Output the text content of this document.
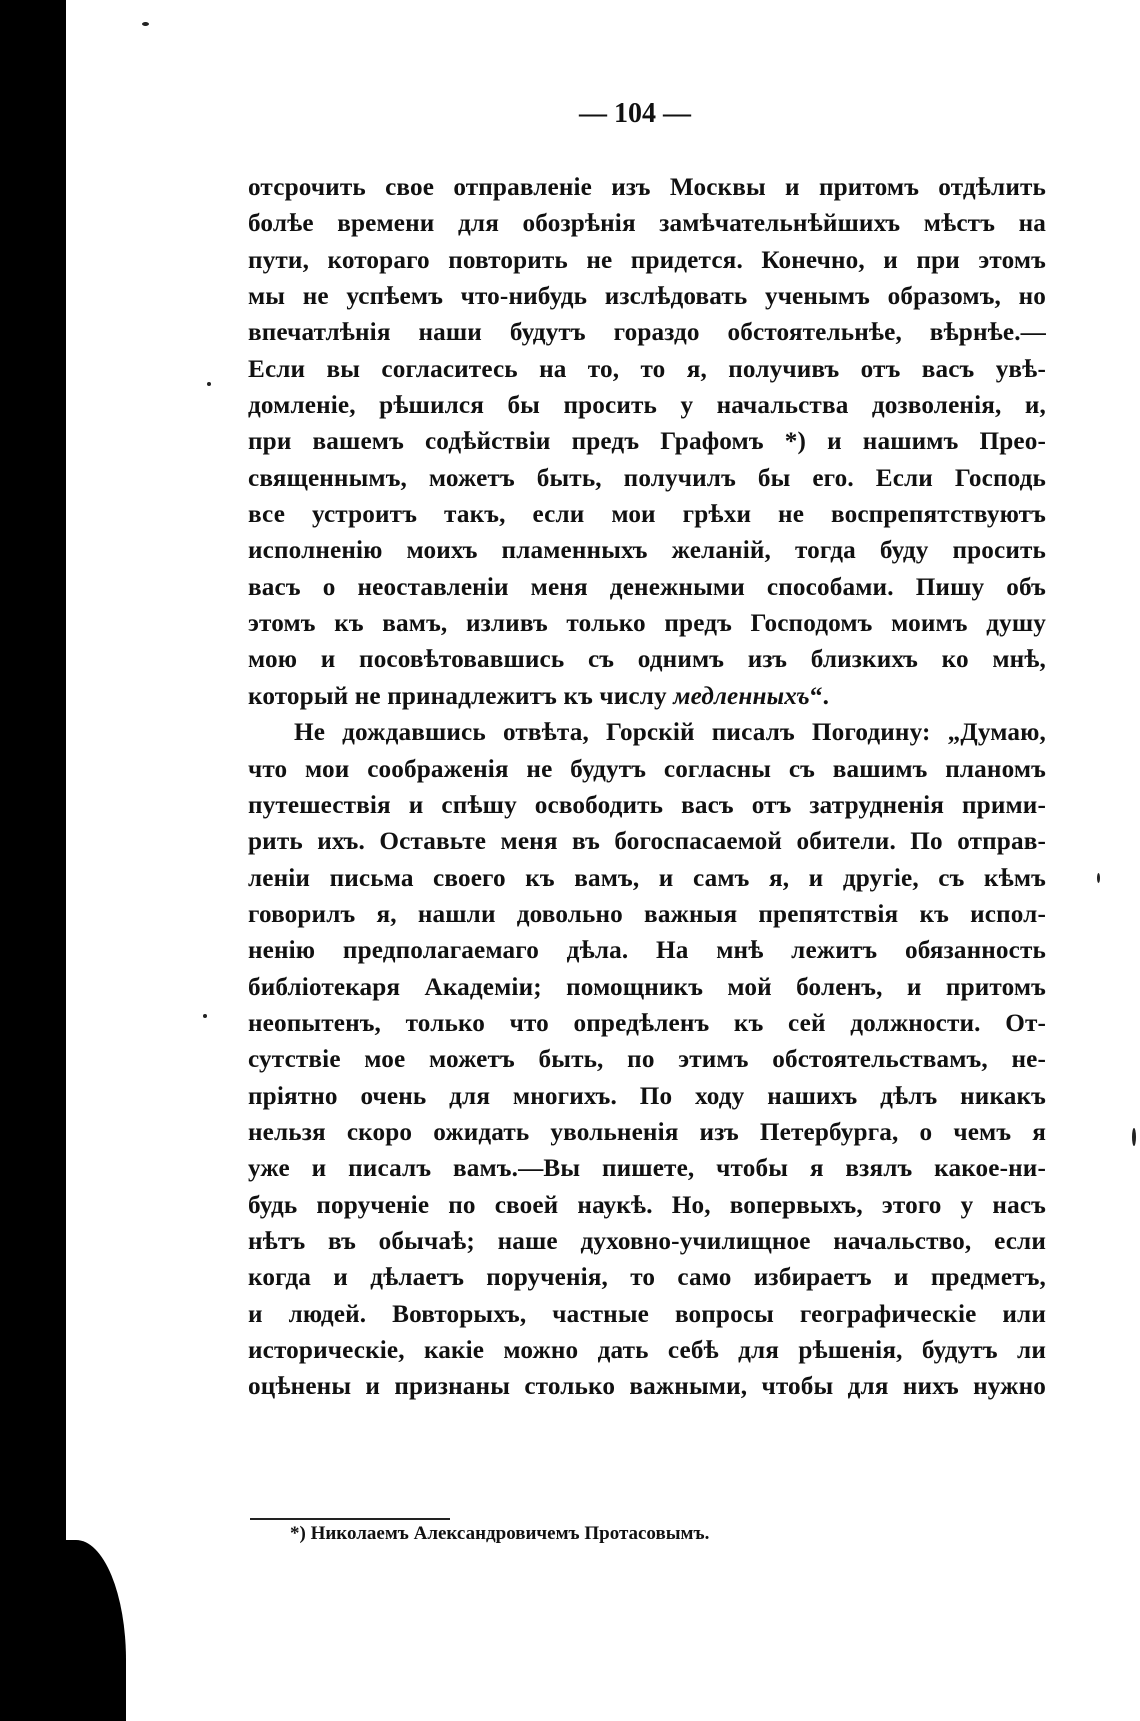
— 104 —
отсрочить свое отправленіе изъ Москвы и притомъ отдѣлить
болѣе времени для обозрѣнія замѣчательнѣйшихъ мѣстъ на
пути, котораго повторить не придется. Конечно, и при этомъ
мы не успѣемъ что-нибудь изслѣдовать ученымъ образомъ, но
впечатлѣнія наши будутъ гораздо обстоятельнѣе, вѣрнѣе.—
Если вы согласитесь на то, то я, получивъ отъ васъ увѣ-
домленіе, рѣшился бы просить у начальства дозволенія, и,
при вашемъ содѣйствіи предъ Графомъ *) и нашимъ Прео-
священнымъ, можетъ быть, получилъ бы его. Если Господь
все устроитъ такъ, если мои грѣхи не воспрепятствуютъ
исполненію моихъ пламенныхъ желаній, тогда буду просить
васъ о неоставленіи меня денежными способами. Пишу объ
этомъ къ вамъ, изливъ только предъ Господомъ моимъ душу
мою и посовѣтовавшись съ однимъ изъ близкихъ ко мнѣ,
который не принадлежитъ къ числу медленныхъ“.
Не дождавшись отвѣта, Горскій писалъ Погодину: „Думаю,
что мои соображенія не будутъ согласны съ вашимъ планомъ
путешествія и спѣшу освободить васъ отъ затрудненія прими-
рить ихъ. Оставьте меня въ богоспасаемой обители. По отправ-
леніи письма своего къ вамъ, и самъ я, и другіе, съ кѣмъ
говорилъ я, нашли довольно важныя препятствія къ испол-
ненію предполагаемаго дѣла. На мнѣ лежитъ обязанность
библіотекаря Академіи; помощникъ мой боленъ, и притомъ
неопытенъ, только что опредѣленъ къ сей должности. От-
сутствіе мое можетъ быть, по этимъ обстоятельствамъ, не-
пріятно очень для многихъ. По ходу нашихъ дѣлъ никакъ
нельзя скоро ожидать увольненія изъ Петербурга, о чемъ я
уже и писалъ вамъ.—Вы пишете, чтобы я взялъ какое-ни-
будь порученіе по своей наукѣ. Но, вопервыхъ, этого у насъ
нѣтъ въ обычаѣ; наше духовно-училищное начальство, если
когда и дѣлаетъ порученія, то само избираетъ и предметъ,
и людей. Вовторыхъ, частные вопросы географическіе или
историческіе, какіе можно дать себѣ для рѣшенія, будутъ ли
оцѣнены и признаны столько важными, чтобы для нихъ нужно
*) Николаемъ Александровичемъ Протасовымъ.
